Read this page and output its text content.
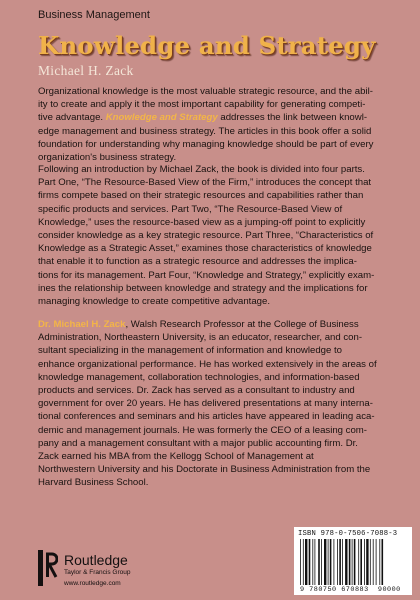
Business Management
Knowledge and Strategy
Michael H. Zack
Organizational knowledge is the most valuable strategic resource, and the abil-
ity to create and apply it the most important capability for generating competi-
tive advantage. Knowledge and Strategy addresses the link between knowl-
edge management and business strategy. The articles in this book offer a solid
foundation for understanding why managing knowledge should be part of every
organization's business strategy.
Following an introduction by Michael Zack, the book is divided into four parts.
Part One, “The Resource-Based View of the Firm,” introduces the concept that
firms compete based on their strategic resources and capabilities rather than
specific products and services. Part Two, “The Resource-Based View of
Knowledge,” uses the resource-based view as a jumping-off point to explicitly
consider knowledge as a key strategic resource. Part Three, “Characteristics of
Knowledge as a Strategic Asset,” examines those characteristics of knowledge
that enable it to function as a strategic resource and addresses the implica-
tions for its management. Part Four, “Knowledge and Strategy,” explicitly exam-
ines the relationship between knowledge and strategy and the implications for
managing knowledge to create competitive advantage.
Dr. Michael H. Zack, Walsh Research Professor at the College of Business
Administration, Northeastern University, is an educator, researcher, and con-
sultant specializing in the management of information and knowledge to
enhance organizational performance. He has worked extensively in the areas of
knowledge management, collaboration technologies, and information-based
products and services. Dr. Zack has served as a consultant to industry and
government for over 20 years. He has delivered presentations at many interna-
tional conferences and seminars and his articles have appeared in leading aca-
demic and management journals. He was formerly the CEO of a leasing com-
pany and a management consultant with a major public accounting firm. Dr.
Zack earned his MBA from the Kellogg School of Management at
Northwestern University and his Doctorate in Business Administration from the
Harvard Business School.
Routledge
Taylor & Francis Group
www.routledge.com
ISBN 978-0-7506-7088-3
9 780750 670883 90000
